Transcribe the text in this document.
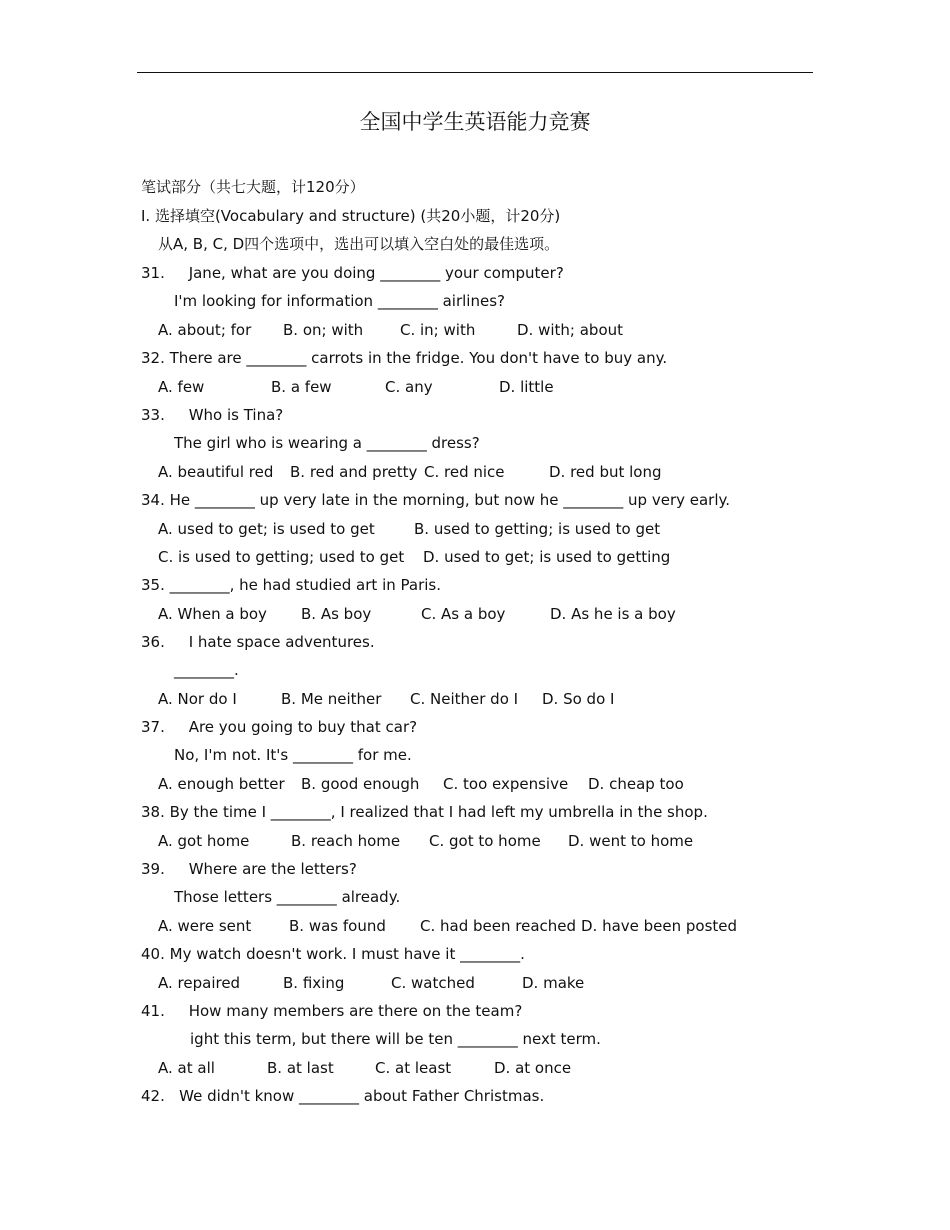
全国中学生英语能力竞赛
笔试部分（共七大题，计120分）
I. 选择填空(Vocabulary and structure) (共20小题，计20分)
从A, B, C, D四个选项中，选出可以填入空白处的最佳选项。
31.     Jane, what are you doing ________ your computer?
I'm looking for information ________ airlines?
A. about; for B. on; with C. in; with	D. with; about
32. There are ________ carrots in the fridge. You don't have to buy any.
A. few	B. a few	C. any	D. little
33.     Who is Tina?
The girl who is wearing a ________ dress?
A. beautiful red B. red and pretty C. red nice	D. red but long
34. He ________ up very late in the morning, but now he ________ up very early.
A. used to get; is used to get	B. used to getting; is used to get
C. is used to getting; used to get D. used to get; is used to getting
35. ________, he had studied art in Paris.
A. When a boy B. As boy	C. As a boy	D. As he is a boy
36.     I hate space adventures.
________.
A. Nor do I	B. Me neither C. Neither do I D. So do I
37.     Are you going to buy that car?
No, I'm not. It's ________ for me.
A. enough better B. good enough C. too expensive D. cheap too
38. By the time I ________, I realized that I had left my umbrella in the shop.
A. got home	B. reach home C. got to home D. went to home
39.     Where are the letters?
Those letters ________ already.
A. were sent	B. was found C. had been reached D. have been posted
40. My watch doesn't work. I must have it ________.
A. repaired	B. fixing	C. watched	D. make
41.     How many members are there on the team?
ight this term, but there will be ten ________ next term.
A. at all	B. at last	C. at least	D. at once
42.   We didn't know ________ about Father Christmas.
